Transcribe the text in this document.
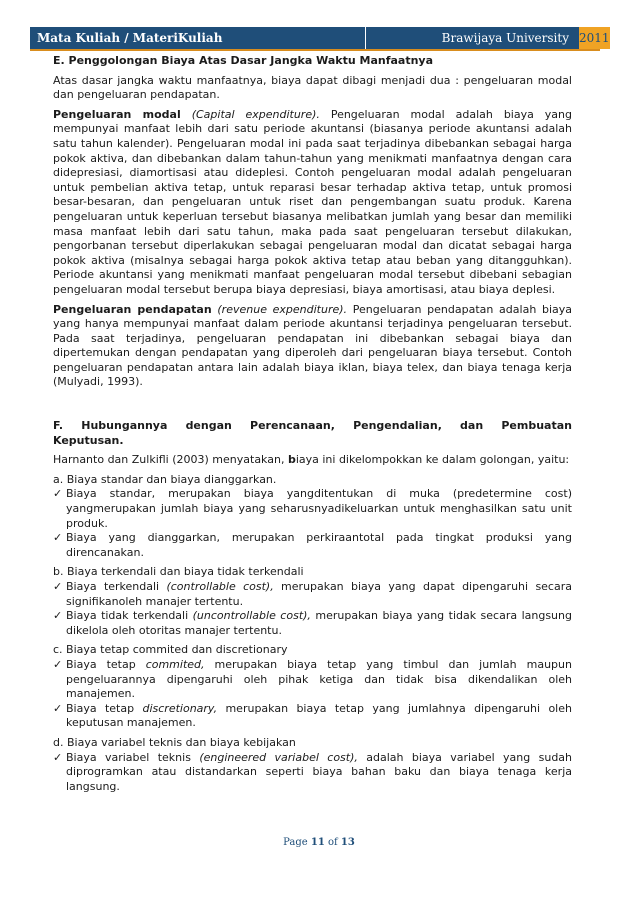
Mata Kuliah / MateriKuliah	Brawijaya University 2011

E. Penggolongan Biaya Atas Dasar Jangka Waktu Manfaatnya

Atas dasar jangka waktu manfaatnya, biaya dapat dibagi menjadi dua : pengeluaran modal dan pengeluaran pendapatan.

Pengeluaran modal (Capital expenditure). Pengeluaran modal adalah biaya yang mempunyai manfaat lebih dari satu periode akuntansi (biasanya periode akuntansi adalah satu tahun kalender). Pengeluaran modal ini pada saat terjadinya dibebankan sebagai harga pokok aktiva, dan dibebankan dalam tahun-tahun yang menikmati manfaatnya dengan cara didepresiasi, diamortisasi atau dideplesi. Contoh pengeluaran modal adalah pengeluaran untuk pembelian aktiva tetap, untuk reparasi besar terhadap aktiva tetap, untuk promosi besar-besaran, dan pengeluaran untuk riset dan pengembangan suatu produk. Karena pengeluaran untuk keperluan tersebut biasanya melibatkan jumlah yang besar dan memiliki masa manfaat lebih dari satu tahun, maka pada saat pengeluaran tersebut dilakukan, pengorbanan tersebut diperlakukan sebagai pengeluaran modal dan dicatat sebagai harga pokok aktiva (misalnya sebagai harga pokok aktiva tetap atau beban yang ditangguhkan). Periode akuntansi yang menikmati manfaat pengeluaran modal tersebut dibebani sebagian pengeluaran modal tersebut berupa biaya depresiasi, biaya amortisasi, atau biaya deplesi.

Pengeluaran pendapatan (revenue expenditure). Pengeluaran pendapatan adalah biaya yang hanya mempunyai manfaat dalam periode akuntansi terjadinya pengeluaran tersebut. Pada saat terjadinya, pengeluaran pendapatan ini dibebankan sebagai biaya dan dipertemukan dengan pendapatan yang diperoleh dari pengeluaran biaya tersebut. Contoh pengeluaran pendapatan antara lain adalah biaya iklan, biaya telex, dan biaya tenaga kerja (Mulyadi, 1993).

F. Hubungannya dengan Perencanaan, Pengendalian, dan Pembuatan

Keputusan.

Harnanto dan Zulkifli (2003) menyatakan, biaya ini dikelompokkan ke dalam golongan, yaitu:

a. Biaya standar dan biaya dianggarkan.

✓ Biaya standar, merupakan biaya yangditentukan di muka (predetermine cost) yangmerupakan jumlah biaya yang seharusnyadikeluarkan untuk menghasilkan satu unit produk.
✓ Biaya yang dianggarkan, merupakan perkiraantotal pada tingkat produksi yang direncanakan.

b. Biaya terkendali dan biaya tidak terkendali

✓ Biaya terkendali (controllable cost), merupakan biaya yang dapat dipengaruhi secara signifikanoleh manajer tertentu.
✓ Biaya tidak terkendali (uncontrollable cost), merupakan biaya yang tidak secara langsung dikelola oleh otoritas manajer tertentu.

c. Biaya tetap commited dan discretionary

✓ Biaya tetap commited, merupakan biaya tetap yang timbul dan jumlah maupun pengeluarannya dipengaruhi oleh pihak ketiga dan tidak bisa dikendalikan oleh manajemen.
✓ Biaya tetap discretionary, merupakan biaya tetap yang jumlahnya dipengaruhi oleh keputusan manajemen.

d. Biaya variabel teknis dan biaya kebijakan

✓ Biaya variabel teknis (engineered variabel cost), adalah biaya variabel yang sudah diprogramkan atau distandarkan seperti biaya bahan baku dan biaya tenaga kerja langsung.
Page 11 of 13
